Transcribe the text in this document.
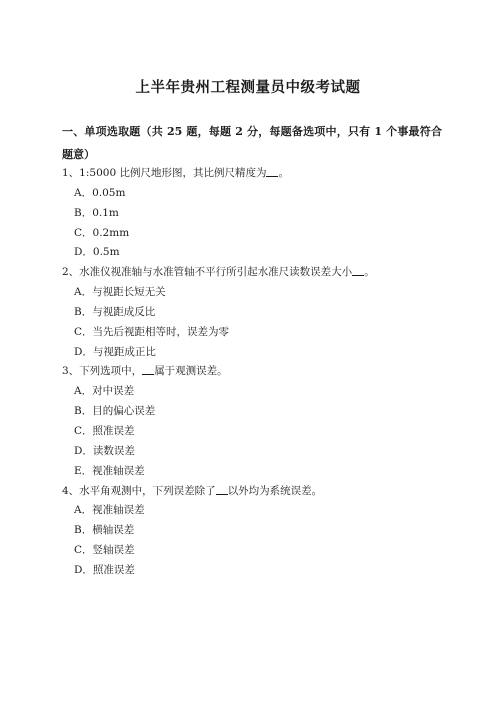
上半年贵州工程测量员中级考试题
一、单项选取题（共 25 题，每题 2 分，每题备选项中，只有 1 个事最符合题意）
1、1:5000 比例尺地形图，其比例尺精度为 。
A．0.05m
B．0.1m
C．0.2mm
D．0.5m
2、水准仪视准轴与水准管轴不平行所引起水准尺读数误差大小 。
A．与视距长短无关
B．与视距成反比
C．当先后视距相等时，误差为零
D．与视距成正比
3、下列选项中， 属于观测误差。
A．对中误差
B．目的偏心误差
C．照准误差
D．读数误差
E．视准轴误差
4、水平角观测中，下列误差除了 以外均为系统误差。
A．视准轴误差
B．横轴误差
C．竖轴误差
D．照准误差
